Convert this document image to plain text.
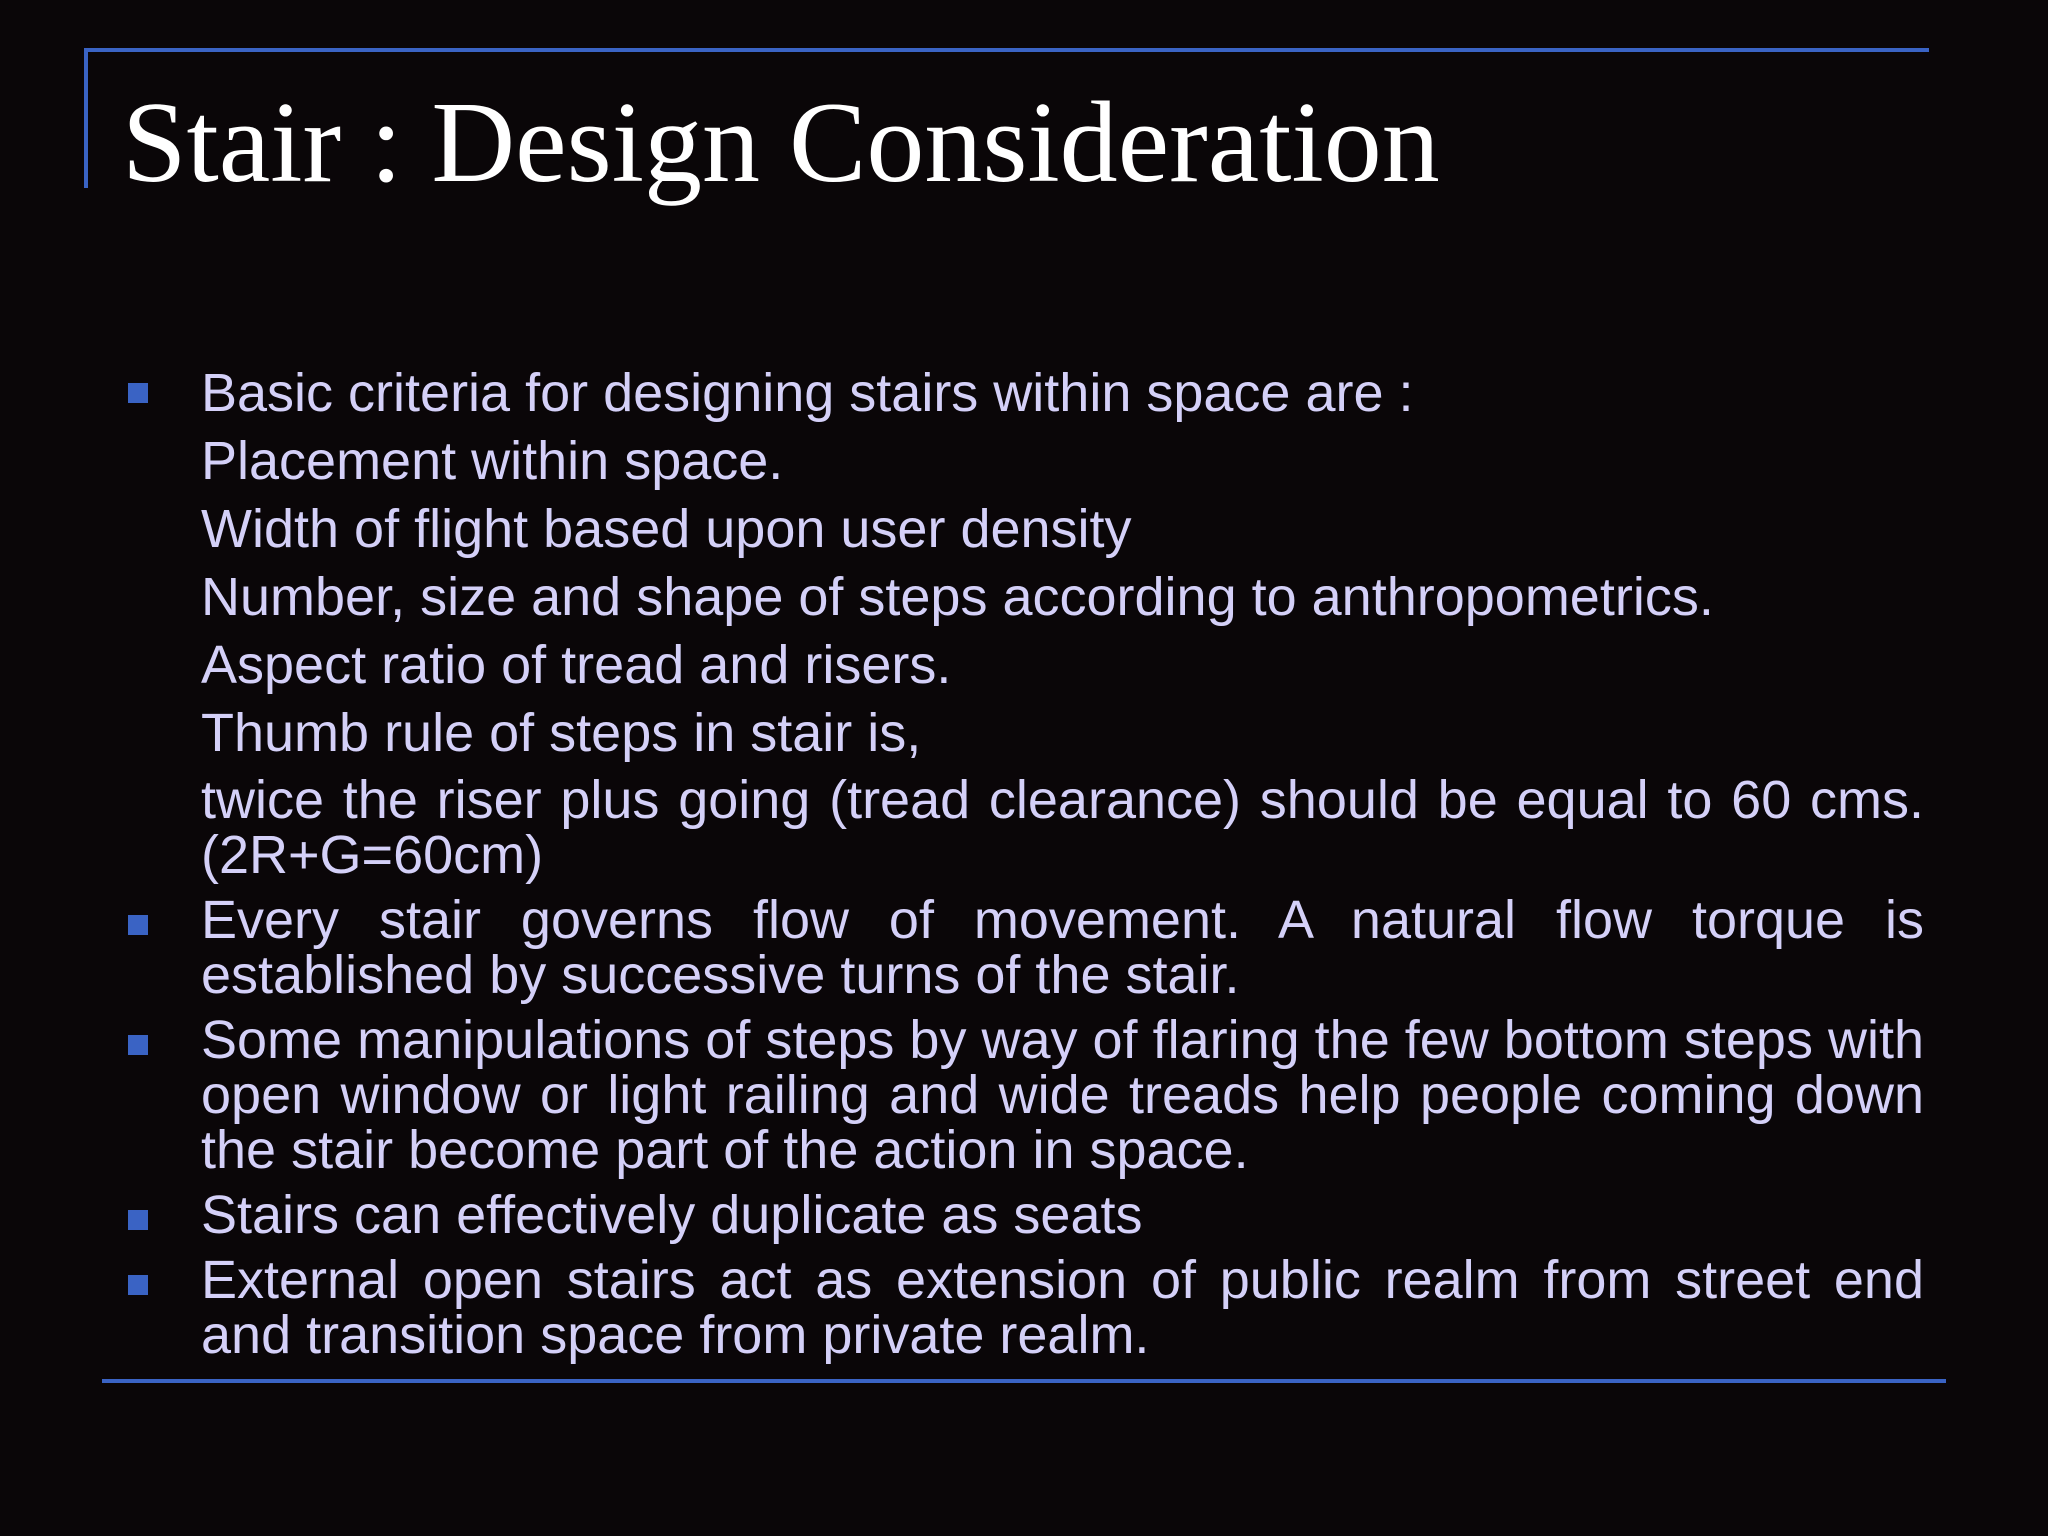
Stair : Design Consideration
Basic criteria for designing stairs within space are :
Placement within space.
Width of flight based upon user density
Number, size and shape of steps according to anthropometrics.
Aspect ratio of tread and risers.
Thumb rule of steps in stair is,
twice the riser plus going (tread clearance) should be equal to 60 cms. (2R+G=60cm)
Every stair governs flow of movement. A natural flow torque is established by successive turns of the stair.
Some manipulations of steps by way of flaring the few bottom steps with open window or light railing and wide treads help people coming down the stair become part of the action in space.
Stairs can effectively duplicate as seats
External open stairs act as extension of public realm from street end and transition space from private realm.
